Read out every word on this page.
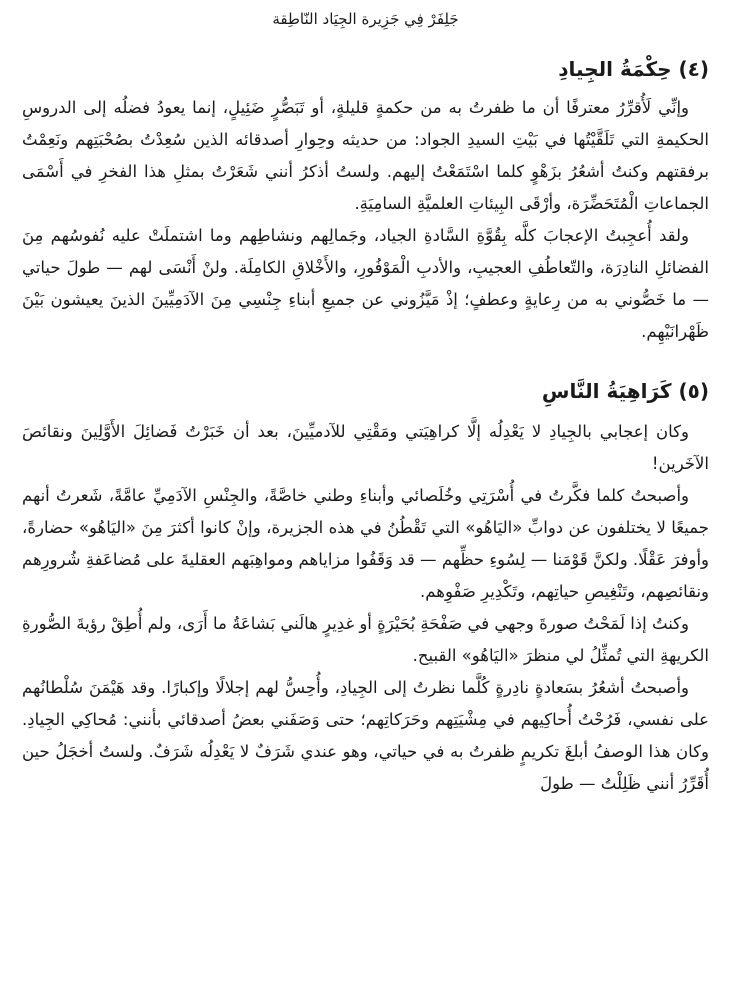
جَلِفَرْ فِي جَزِيرة الجِيَاد النّاطِقة
(٤) حِكْمَةُ الجِيادِ

وإنِّي لَأُقرِّرُ معترفًا أن ما ظفرتُ به من حكمةٍ قليلةٍ، أو تَبَصُّرٍ ضَئِيلٍ، إنما يعودُ فضلُه إلى الدروسِ الحكيمةِ التي تَلَقَّيْتُها في بَيْتِ السيدِ الجواد: من حديثه وحِوارِ أصدقائه الذين سُعِدْتُ بصُحْبَتِهم ونَعِمْتُ برفقتهم وكنتُ أشعُرُ بزَهْوٍ كلما اسْتَمَعْتُ إليهم. ولستُ أذكرُ أنني شَعَرْتُ بمثلِ هذا الفخرِ في أَسْمَى الجماعاتِ الْمُتَحَضِّرَة، وأرْقَى البِيئاتِ العلميَّةِ السامِيَةِ.

ولقد أُعجِبتُ الإعجابَ كلَّه بِقُوَّةِ السَّادةِ الجياد، وجَمالِهم ونشاطِهم وما اشتملَتْ عليه نُفوسُهم مِنَ الفضائلِ النادِرَة، والتّعاطُفِ العجيبِ، والأدبِ الْمَوْفُورِ، والأَخْلاقِ الكامِلَة. ولنْ أَنْسَى لهم — طولَ حياتي — ما خَصُّوني به من رِعايةٍ وعطفٍ؛ إذْ مَيَّزُوني عن جميعِ أبناءِ جِنْسِي مِنَ الآدَمِيِّينَ الذينَ يعيشون بَيْنَ ظَهْرانَيْهِم.

(٥) كَرَاهِيَةُ النَّاسِ

وكان إعجابي بالجِيادِ لا يَعْدِلُه إلَّا كراهِيَتي ومَقْتِي للآدميِّينَ، بعد أن خَبَرْتُ فَضائِلَ الأَوَّلِينَ ونقائصَ الآخَرين!

وأصبحتُ كلما فكَّرتُ في أُسْرَتِي وخُلَصائي وأبناءِ وطني خاصَّةً، والجِنْسِ الآدَمِيِّ عامَّةً، شَعرتُ أنهم جميعًا لا يختلفون عن دوابِّ «اليَاهُو» التي تَقْطُنُ في هذه الجزيرة، وإنْ كانوا أكثرَ مِنَ «اليَاهُو» حضارةً، وأوفرَ عَقْلًا. ولكنَّ قَوْمَنا — لِسُوءِ حظِّهم — قد وَقَفُوا مزاياهم ومواهِبَهم العقليةَ على مُضاعَفةِ شُرورِهم ونقائصِهم، وتَنْغِيصِ حياتِهم، وتَكْدِيرِ صَفْوِهم.

وكنتُ إذا لَمَحْتُ صورةَ وجهي في صَفْحَةِ بُحَيْرَةٍ أو غدِيرٍ هالَني بَشاعَةُ ما أَرَى، ولم أُطِقْ رؤيةَ الصُّورةِ الكريهةِ التي تُمثِّلُ لي منظرَ «اليَاهُو» القبيح.

وأصبحتُ أشعُرُ بسَعادةٍ نادِرةٍ كُلَّما نظرتُ إلى الجِيادِ، وأُحِسُّ لهم إجلالًا وإكبارًا. وقد هَيْمَنَ سُلْطانُهم على نفسي، فَرُحْتُ أُحاكِيهم في مِشْيَتِهم وحَرَكاتِهم؛ حتى وَصَفَني بعضُ أصدقائي بأنني: مُحاكِي الجِيادِ. وكان هذا الوصفُ أبلغَ تكريمٍ ظفرتُ به في حياتي، وهو عندي شَرَفٌ لا يَعْدِلُه شَرَفٌ. ولستُ أخجَلُ حين أُقَرِّرُ أنني ظَلِلْتُ — طولَ
